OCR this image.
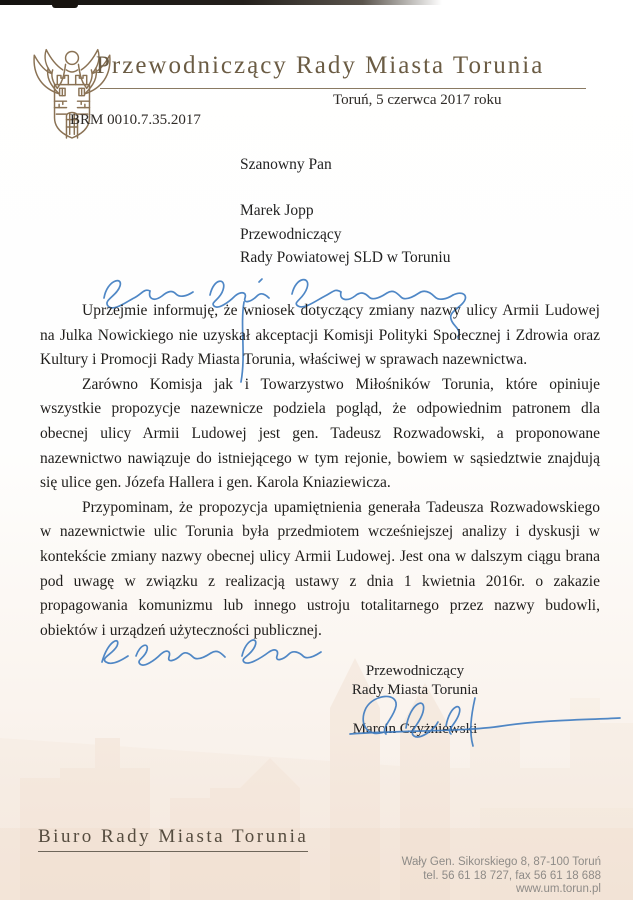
Przewodniczący Rady Miasta Torunia
Toruń, 5 czerwca 2017 roku
BRM 0010.7.35.2017
Szanowny Pan
Marek Jopp
Przewodniczący
Rady Powiatowej SLD w Toruniu

Uprzejmie informuję, że wniosek dotyczący zmiany nazwy ulicy Armii Ludowej na Julka Nowickiego nie uzyskał akceptacji Komisji Polityki Społecznej i Zdrowia oraz Kultury i Promocji Rady Miasta Torunia, właściwej w sprawach nazewnictwa.

Zarówno Komisja jak i Towarzystwo Miłośników Torunia, które opiniuje wszystkie propozycje nazewnicze podziela pogląd, że odpowiednim patronem dla obecnej ulicy Armii Ludowej jest gen. Tadeusz Rozwadowski, a proponowane nazewnictwo nawiązuje do istniejącego w tym rejonie, bowiem w sąsiedztwie znajdują się ulice gen. Józefa Hallera i gen. Karola Kniaziewicza.

Przypominam, że propozycja upamiętnienia generała Tadeusza Rozwadowskiego w nazewnictwie ulic Torunia była przedmiotem wcześniejszej analizy i dyskusji w kontekście zmiany nazwy obecnej ulicy Armii Ludowej. Jest ona w dalszym ciągu brana pod uwagę w związku z realizacją ustawy z dnia 1 kwietnia 2016r. o zakazie propagowania komunizmu lub innego ustroju totalitarnego przez nazwy budowli, obiektów i urządzeń użyteczności publicznej.

Przewodniczący
Rady Miasta Torunia
Marcin Czyżniewski
Biuro Rady Miasta Torunia
Wały Gen. Sikorskiego 8, 87-100 Toruń
tel. 56 61 18 727, fax 56 61 18 688
www.um.torun.pl
